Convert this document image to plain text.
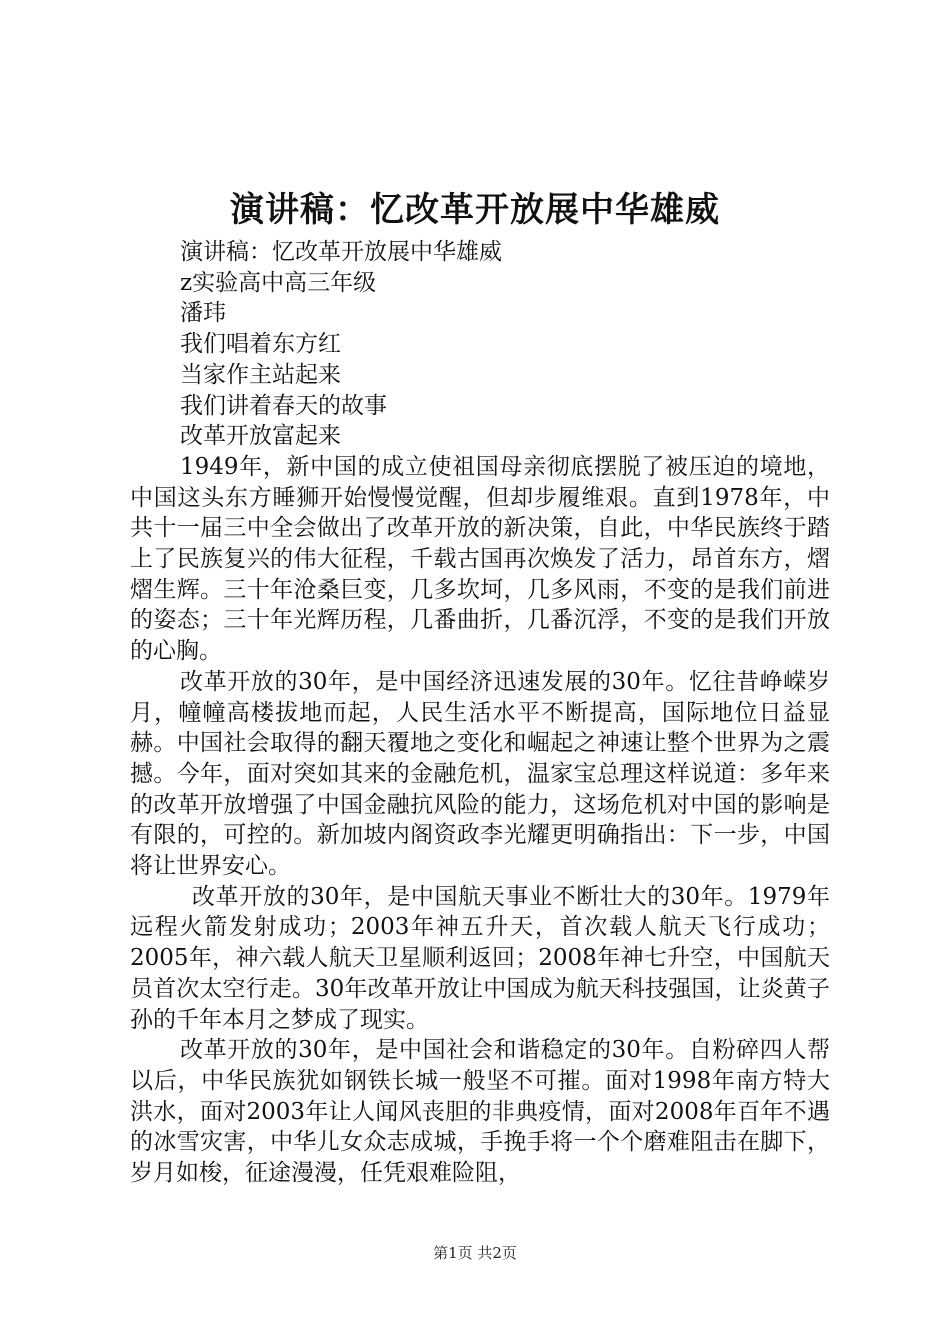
演讲稿：忆改革开放展中华雄威

演讲稿：忆改革开放展中华雄威

z实验高中高三年级

潘玮

我们唱着东方红

当家作主站起来

我们讲着春天的故事

改革开放富起来

1949年，新中国的成立使祖国母亲彻底摆脱了被压迫的境地，中国这头东方睡狮开始慢慢觉醒，但却步履维艰。直到1978年，中共十一届三中全会做出了改革开放的新决策，自此，中华民族终于踏上了民族复兴的伟大征程，千载古国再次焕发了活力，昂首东方，熠熠生辉。三十年沧桑巨变，几多坎坷，几多风雨，不变的是我们前进的姿态；三十年光辉历程，几番曲折，几番沉浮，不变的是我们开放的心胸。

改革开放的30年，是中国经济迅速发展的30年。忆往昔峥嵘岁月，幢幢高楼拔地而起，人民生活水平不断提高，国际地位日益显赫。中国社会取得的翻天覆地之变化和崛起之神速让整个世界为之震撼。今年，面对突如其来的金融危机，温家宝总理这样说道：多年来的改革开放增强了中国金融抗风险的能力，这场危机对中国的影响是有限的，可控的。新加坡内阁资政李光耀更明确指出：下一步，中国将让世界安心。

改革开放的30年，是中国航天事业不断壮大的30年。1979年远程火箭发射成功；2003年神五升天，首次载人航天飞行成功；2005年，神六载人航天卫星顺利返回；2008年神七升空，中国航天员首次太空行走。30年改革开放让中国成为航天科技强国，让炎黄子孙的千年本月之梦成了现实。

改革开放的30年，是中国社会和谐稳定的30年。自粉碎四人帮以后，中华民族犹如钢铁长城一般坚不可摧。面对1998年南方特大洪水，面对2003年让人闻风丧胆的非典疫情，面对2008年百年不遇的冰雪灾害，中华儿女众志成城，手挽手将一个个磨难阻击在脚下，岁月如梭，征途漫漫，任凭艰难险阻，

第1页 共2页
